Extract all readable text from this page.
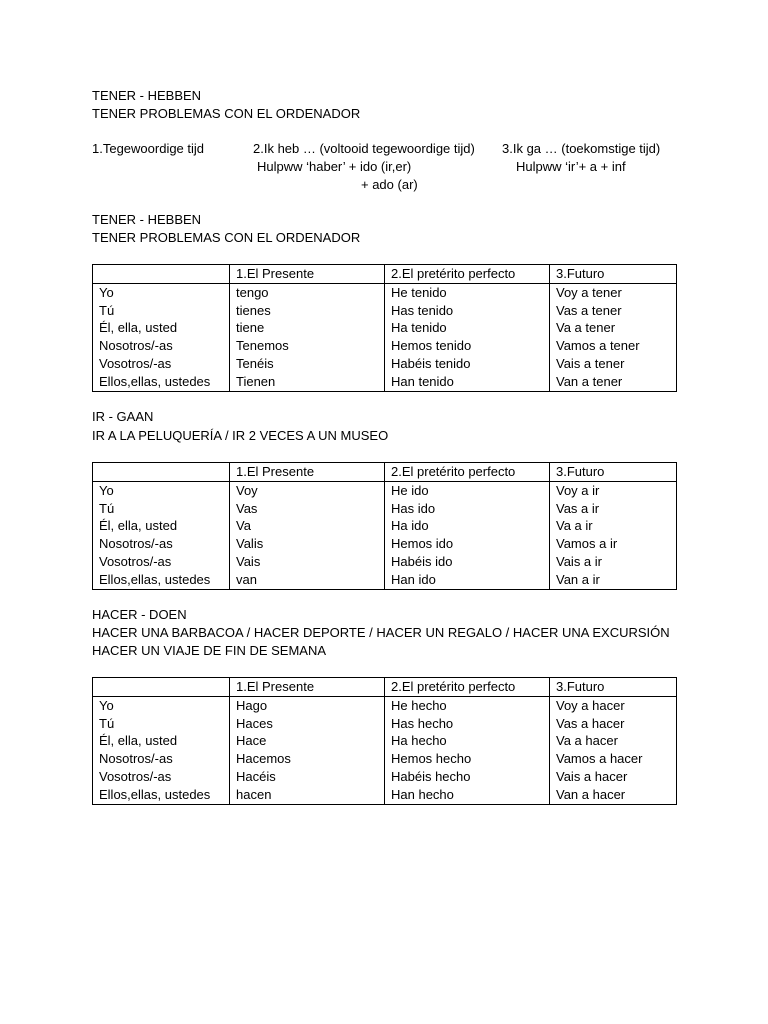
TENER - HEBBEN
TENER PROBLEMAS CON EL ORDENADOR
1.Tegewoordige tijd	2.Ik heb … (voltooid tegewoordige tijd) 3.Ik ga … (toekomstige tijd)
Hulpww ‘haber’ + ido (ir,er)	Hulpww ‘ir’+ a + inf
+ ado (ar)
TENER - HEBBEN
TENER PROBLEMAS CON EL ORDENADOR
	1.El Presente	2.El pretérito perfecto	3.Futuro
Yo	tengo	He tenido	Voy a tener
Tú	tienes	Has tenido	Vas a tener
Él, ella, usted	tiene	Ha tenido	Va a tener
Nosotros/-as	Tenemos	Hemos tenido	Vamos a tener
Vosotros/-as	Tenéis	Habéis tenido	Vais a tener
Ellos,ellas, ustedes	Tienen	Han tenido	Van a tener
IR - GAAN
IR A LA PELUQUERÍA / IR 2 VECES A UN MUSEO
	1.El Presente	2.El pretérito perfecto	3.Futuro
Yo	Voy	He ido	Voy a ir
Tú	Vas	Has ido	Vas a ir
Él, ella, usted	Va	Ha ido	Va a ir
Nosotros/-as	Valis	Hemos ido	Vamos a ir
Vosotros/-as	Vais	Habéis ido	Vais a ir
Ellos,ellas, ustedes	van	Han ido	Van a ir
HACER - DOEN
HACER UNA BARBACOA / HACER DEPORTE / HACER UN REGALO / HACER UNA EXCURSIÓN
HACER UN VIAJE DE FIN DE SEMANA
	1.El Presente	2.El pretérito perfecto	3.Futuro
Yo	Hago	He hecho	Voy a hacer
Tú	Haces	Has hecho	Vas a hacer
Él, ella, usted	Hace	Ha hecho	Va a hacer
Nosotros/-as	Hacemos	Hemos hecho	Vamos a hacer
Vosotros/-as	Hacéis	Habéis hecho	Vais a hacer
Ellos,ellas, ustedes	hacen	Han hecho	Van a hacer
